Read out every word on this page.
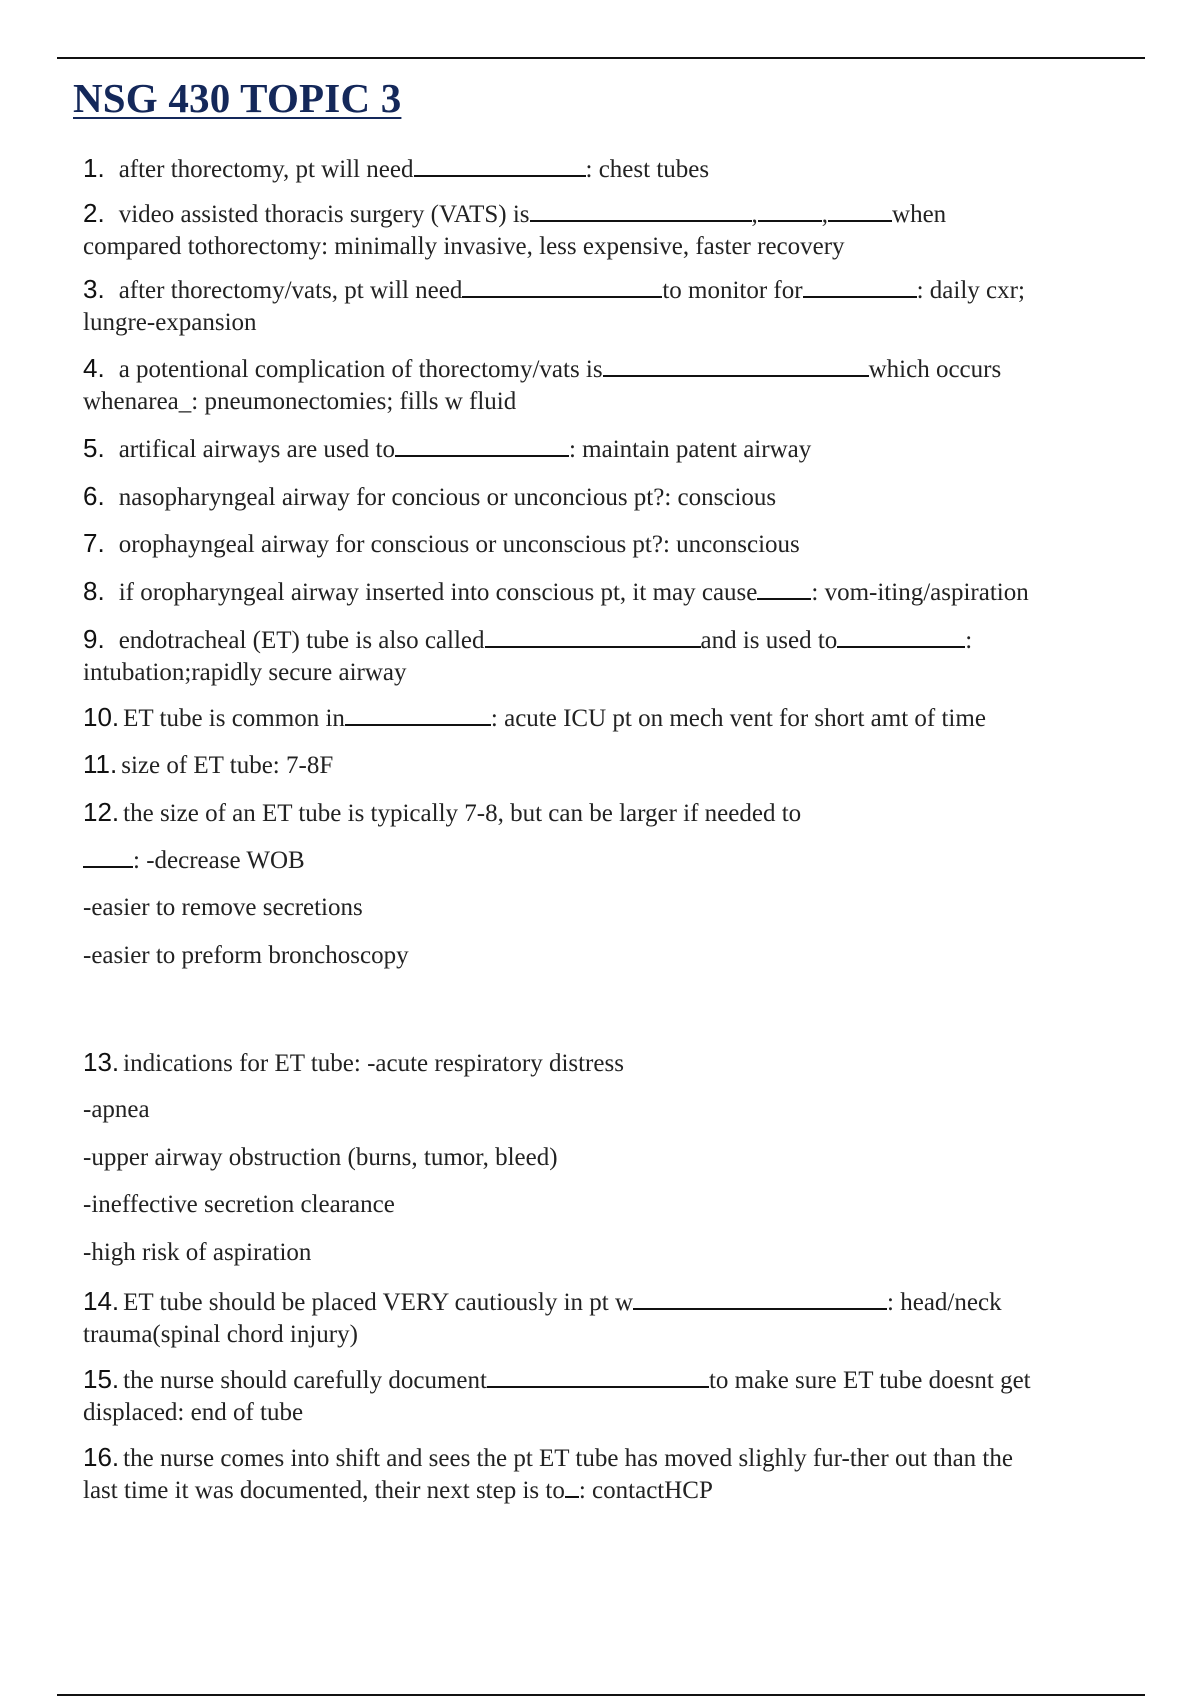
NSG 430 TOPIC 3
1. after thorectomy, pt will need	: chest tubes
2. video assisted thoracis surgery (VATS) is	,	,	when
compared tothorectomy: minimally invasive, less expensive, faster recovery
3. after thorectomy/vats, pt will need	to monitor for	: daily cxr;
lungre-expansion
4. a potentional complication of thorectomy/vats is	which occurs
whenarea_: pneumonectomies; fills w fluid
5. artifical airways are used to	: maintain patent airway
6. nasopharyngeal airway for concious or unconcious pt?: conscious
7. orophayngeal airway for conscious or unconscious pt?: unconscious
8. if oropharyngeal airway inserted into conscious pt, it may cause : vom-iting/aspiration
9. endotracheal (ET) tube is also called	and is used to	:
intubation;rapidly secure airway
10. ET tube is common in	: acute ICU pt on mech vent for short amt of time
11. size of ET tube: 7-8F
12. the size of an ET tube is typically 7-8, but can be larger if needed to
: -decrease WOB
-easier to remove secretions
-easier to preform bronchoscopy
13. indications for ET tube: -acute respiratory distress
-apnea
-upper airway obstruction (burns, tumor, bleed)
-ineffective secretion clearance
-high risk of aspiration
14. ET tube should be placed VERY cautiously in pt w	: head/neck
trauma(spinal chord injury)
15. the nurse should carefully document	to make sure ET tube doesnt get
displaced: end of tube
16. the nurse comes into shift and sees the pt ET tube has moved slighly fur-ther out than the
last time it was documented, their next step is to : contactHCP
